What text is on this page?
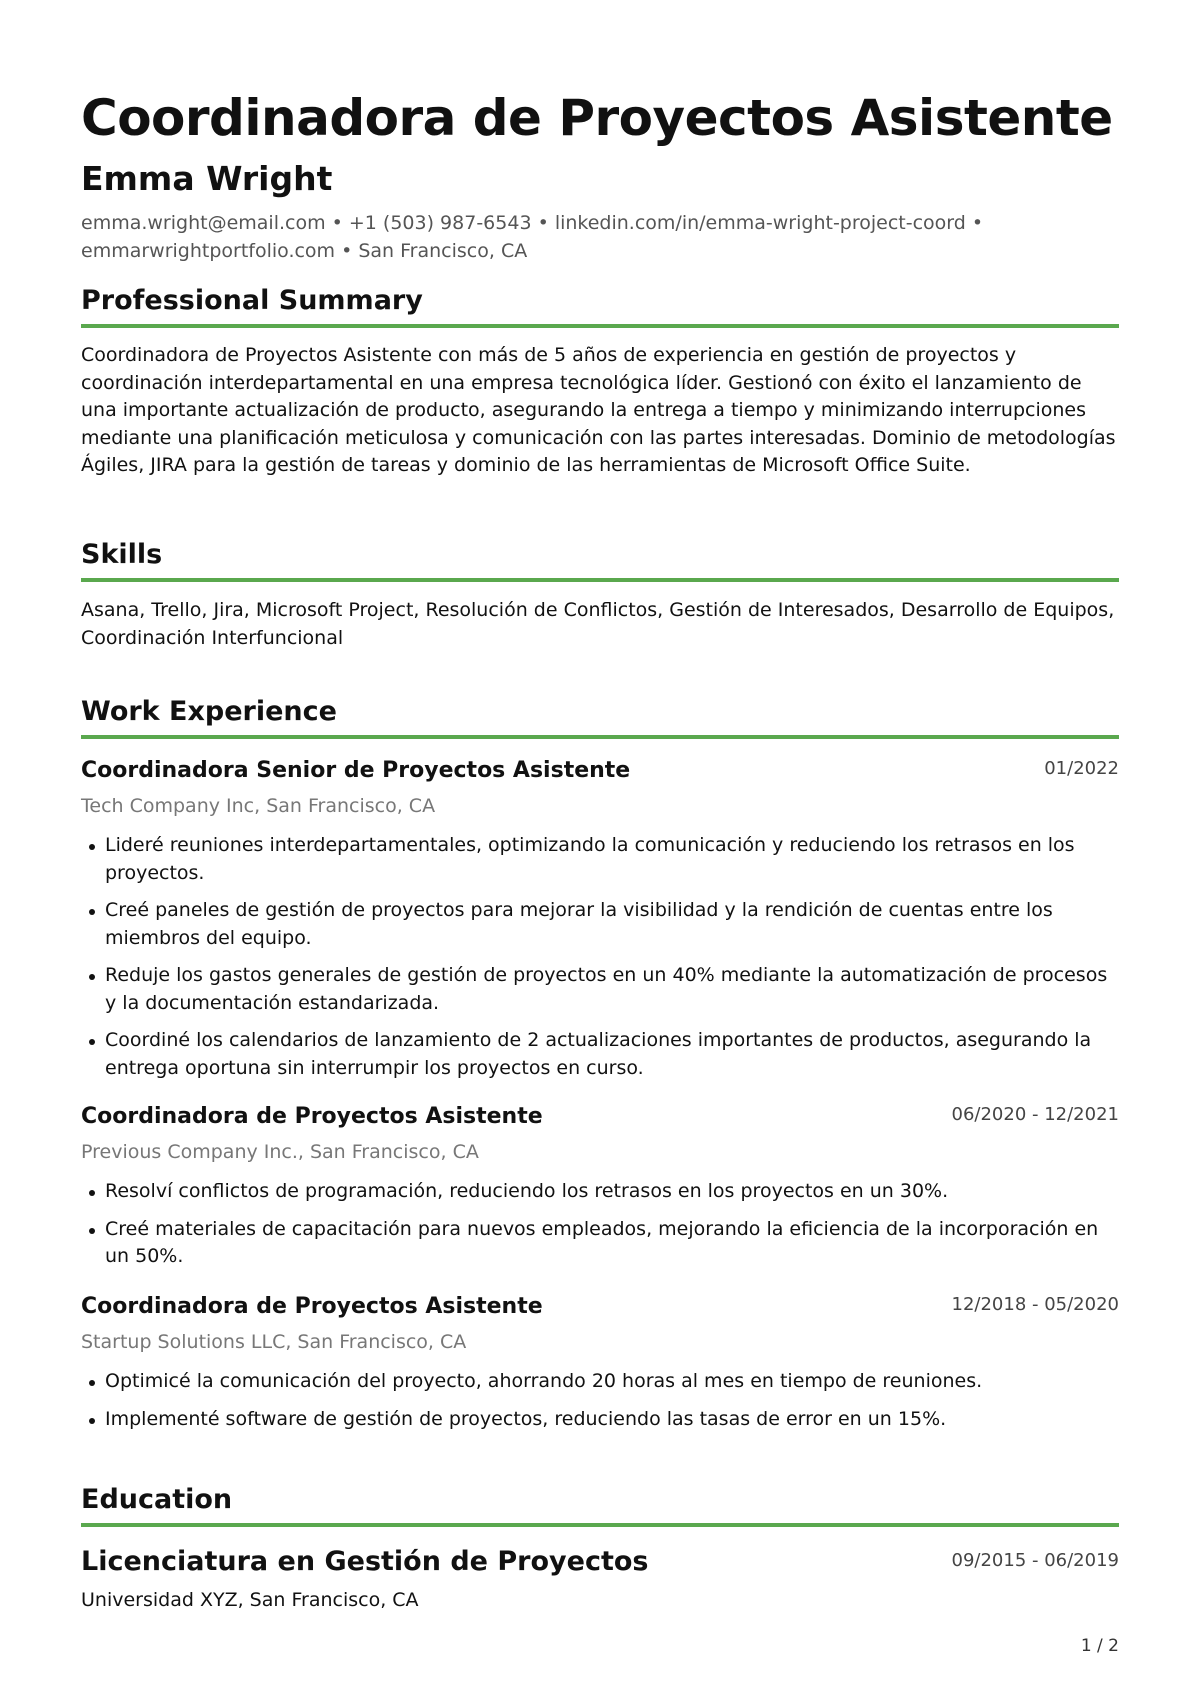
Coordinadora de Proyectos Asistente
Emma Wright
emma.wright@email.com • +1 (503) 987-6543 • linkedin.com/in/emma-wright-project-coord •
emmarwrightportfolio.com • San Francisco, CA
Professional Summary
Coordinadora de Proyectos Asistente con más de 5 años de experiencia en gestión de proyectos y coordinación interdepartamental en una empresa tecnológica líder. Gestionó con éxito el lanzamiento de una importante actualización de producto, asegurando la entrega a tiempo y minimizando interrupciones mediante una planificación meticulosa y comunicación con las partes interesadas. Dominio de metodologías Ágiles, JIRA para la gestión de tareas y dominio de las herramientas de Microsoft Office Suite.
Skills
Asana, Trello, Jira, Microsoft Project, Resolución de Conflictos, Gestión de Interesados, Desarrollo de Equipos, Coordinación Interfuncional
Work Experience
Coordinadora Senior de Proyectos Asistente	01/2022
Tech Company Inc, San Francisco, CA
Lideré reuniones interdepartamentales, optimizando la comunicación y reduciendo los retrasos en los proyectos.
Creé paneles de gestión de proyectos para mejorar la visibilidad y la rendición de cuentas entre los miembros del equipo.
Reduje los gastos generales de gestión de proyectos en un 40% mediante la automatización de procesos y la documentación estandarizada.
Coordiné los calendarios de lanzamiento de 2 actualizaciones importantes de productos, asegurando la entrega oportuna sin interrumpir los proyectos en curso.
Coordinadora de Proyectos Asistente	06/2020 - 12/2021
Previous Company Inc., San Francisco, CA
Resolví conflictos de programación, reduciendo los retrasos en los proyectos en un 30%.
Creé materiales de capacitación para nuevos empleados, mejorando la eficiencia de la incorporación en un 50%.
Coordinadora de Proyectos Asistente	12/2018 - 05/2020
Startup Solutions LLC, San Francisco, CA
Optimicé la comunicación del proyecto, ahorrando 20 horas al mes en tiempo de reuniones.
Implementé software de gestión de proyectos, reduciendo las tasas de error en un 15%.
Education
Licenciatura en Gestión de Proyectos	09/2015 - 06/2019
Universidad XYZ, San Francisco, CA
1 / 2
